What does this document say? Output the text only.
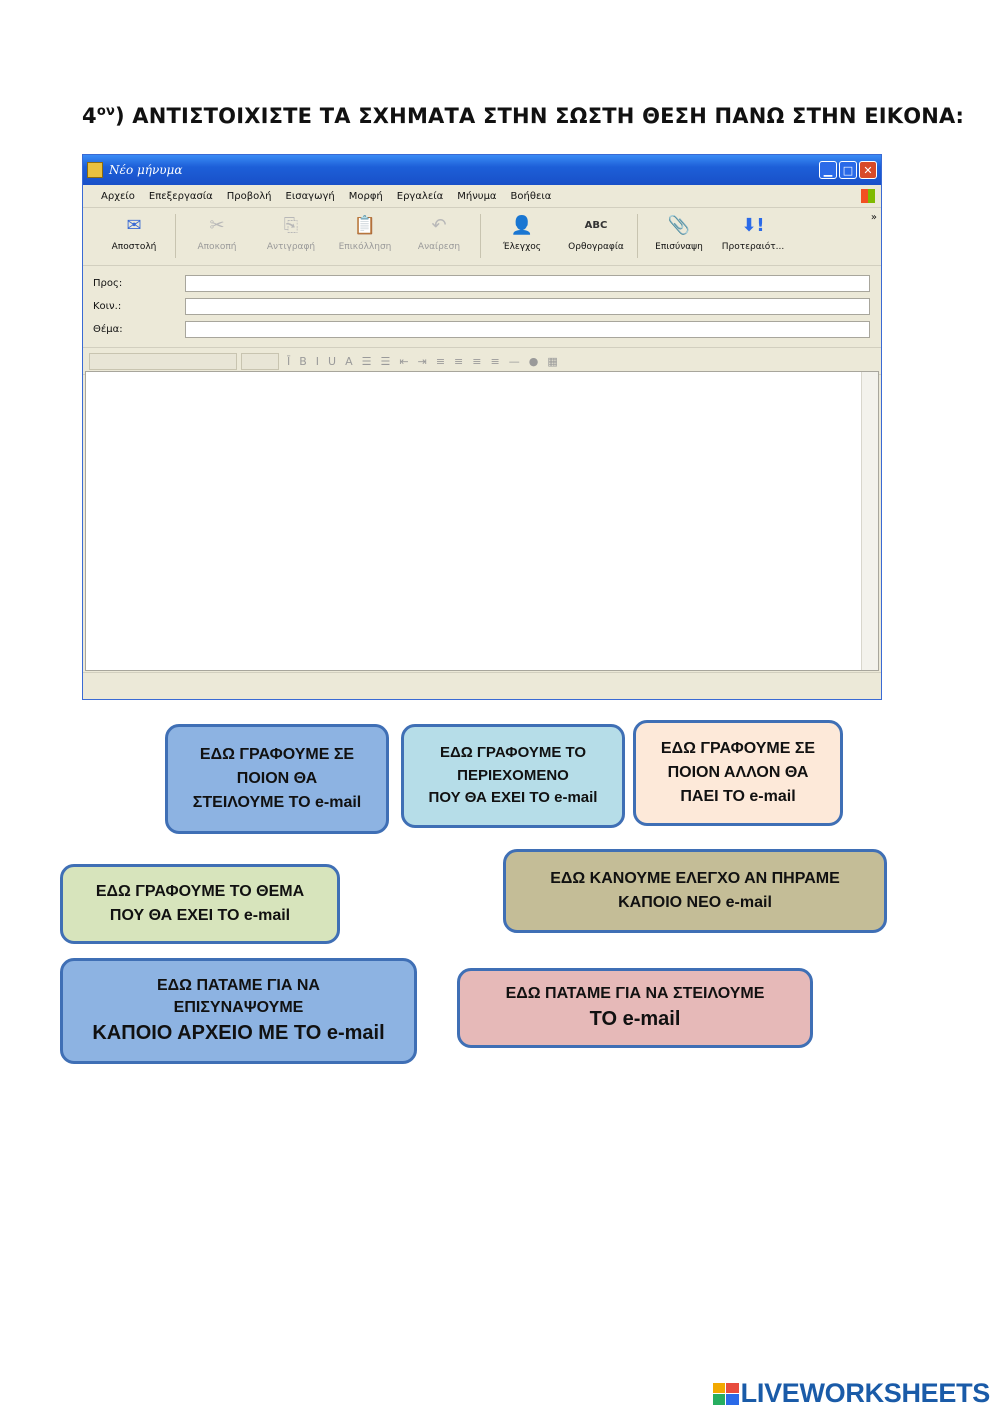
$4^{o\nu}$) ΑΝΤΙΣΤΟΙΧΙΣΤΕ ΤΑ ΣΧΗΜΑΤΑ ΣΤΗΝ ΣΩΣΤΗ ΘΕΣΗ ΠΑΝΩ ΣΤΗΝ ΕΙΚΟΝΑ:
Νέο μήνυμα	▁ □ ✕
Αρχείο Επεξεργασία Προβολή Εισαγωγή Μορφή Εργαλεία Μήνυμα Βοήθεια
✉
Αποστολή
✂
Αποκοπή
⎘
Αντιγραφή
📋
Επικόλληση
↶
Αναίρεση
👤
Έλεγχος
ABC
Ορθογραφία
📎
Επισύναψη
⬇!
Προτεραιότ...
»
Προς:
Κοιν.:
Θέμα:
Ī B I U A ☰ ☰ ⇤ ⇥ ≡ ≡ ≡ ≡ — ● ▦
ΕΔΩ ΓΡΑΦΟΥΜΕ ΣΕ
ΠΟΙΟΝ ΘΑ
ΣΤΕΙΛΟΥΜΕ ΤΟ e-mail
ΕΔΩ ΓΡΑΦΟΥΜΕ ΤΟ
ΠΕΡΙΕΧΟΜΕΝΟ
ΠΟΥ ΘΑ ΕΧΕΙ ΤΟ e-mail
ΕΔΩ ΓΡΑΦΟΥΜΕ ΣΕ
ΠΟΙΟΝ ΑΛΛΟΝ ΘΑ
ΠΑΕΙ ΤΟ e-mail
ΕΔΩ ΓΡΑΦΟΥΜΕ ΤΟ ΘΕΜΑ
ΠΟΥ ΘΑ ΕΧΕΙ ΤΟ e-mail
ΕΔΩ ΚΑΝΟΥΜΕ ΕΛΕΓΧΟ ΑΝ ΠΗΡΑΜΕ
ΚΑΠΟΙΟ ΝΕΟ e-mail
ΕΔΩ ΠΑΤΑΜΕ ΓΙΑ ΝΑ
ΕΠΙΣΥΝΑΨΟΥΜΕ
ΚΑΠΟΙΟ ΑΡΧΕΙΟ ΜΕ ΤΟ e-mail
ΕΔΩ ΠΑΤΑΜΕ ΓΙΑ ΝΑ ΣΤΕΙΛΟΥΜΕ
ΤΟ e-mail
LIVEWORKSHEETS
